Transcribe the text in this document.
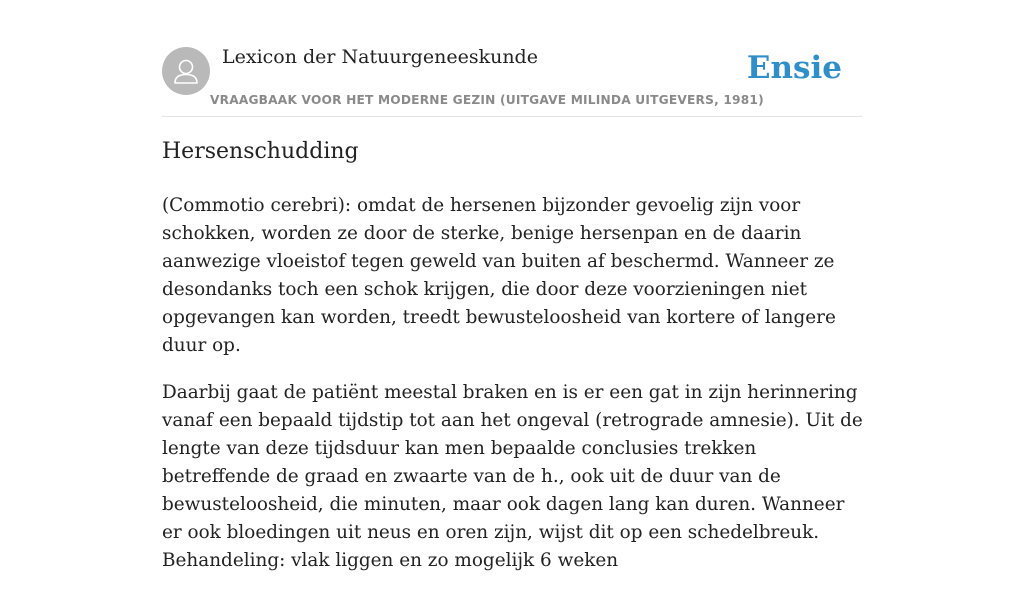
Lexicon der Natuurgeneeskunde
VRAAGBAAK VOOR HET MODERNE GEZIN (UITGAVE MILINDA UITGEVERS, 1981)
Ensie
Hersenschudding

(Commotio cerebri): omdat de hersenen bijzonder gevoelig zijn voor schokken, worden ze door de sterke, benige hersenpan en de daarin aanwezige vloeistof tegen geweld van buiten af beschermd. Wanneer ze desondanks toch een schok krijgen, die door deze voorzieningen niet opgevangen kan worden, treedt bewusteloosheid van kortere of langere duur op.

Daarbij gaat de patiënt meestal braken en is er een gat in zijn herinnering vanaf een bepaald tijdstip tot aan het ongeval (retrograde amnesie). Uit de lengte van deze tijdsduur kan men bepaalde conclusies trekken betreffende de graad en zwaarte van de h., ook uit de duur van de bewusteloosheid, die minuten, maar ook dagen lang kan duren. Wanneer er ook bloedingen uit neus en oren zijn, wijst dit op een schedelbreuk. Behandeling: vlak liggen en zo mogelijk 6 weken
